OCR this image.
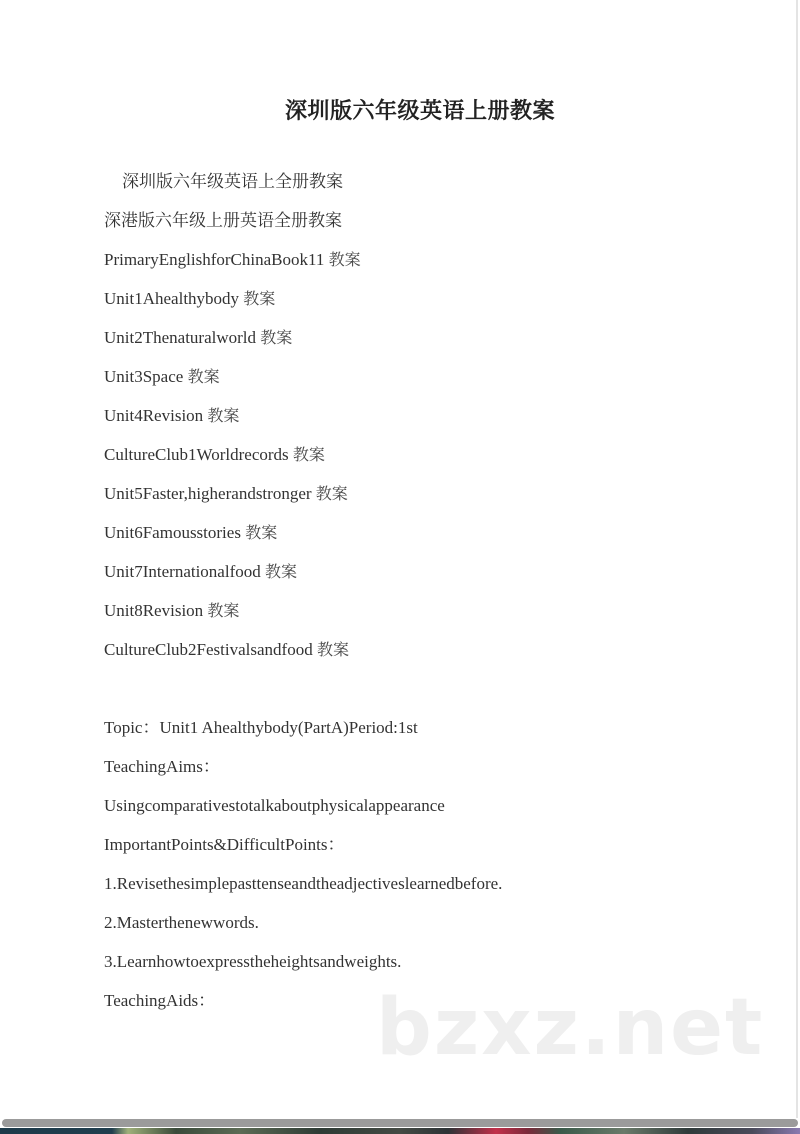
深圳版六年级英语上册教案
深圳版六年级英语上全册教案
深港版六年级上册英语全册教案
PrimaryEnglishforChinaBook11 教案
Unit1Ahealthybody 教案
Unit2Thenaturalworld 教案
Unit3Space 教案
Unit4Revision 教案
CultureClub1Worldrecords 教案
Unit5Faster,higherandstronger 教案
Unit6Famousstories 教案
Unit7Internationalfood 教案
Unit8Revision 教案
CultureClub2Festivalsandfood 教案
Topic：Unit1 Ahealthybody(PartA)Period:1st
TeachingAims：
Usingcomparativestotalkaboutphysicalappearance
ImportantPoints&DifficultPoints：
1.Revisethesimplepasttenseandtheadjectiveslearnedbefore.
2.Masterthenewwords.
3.Learnhowtoexpresstheheightsandweights.
TeachingAids： bzxz.net
